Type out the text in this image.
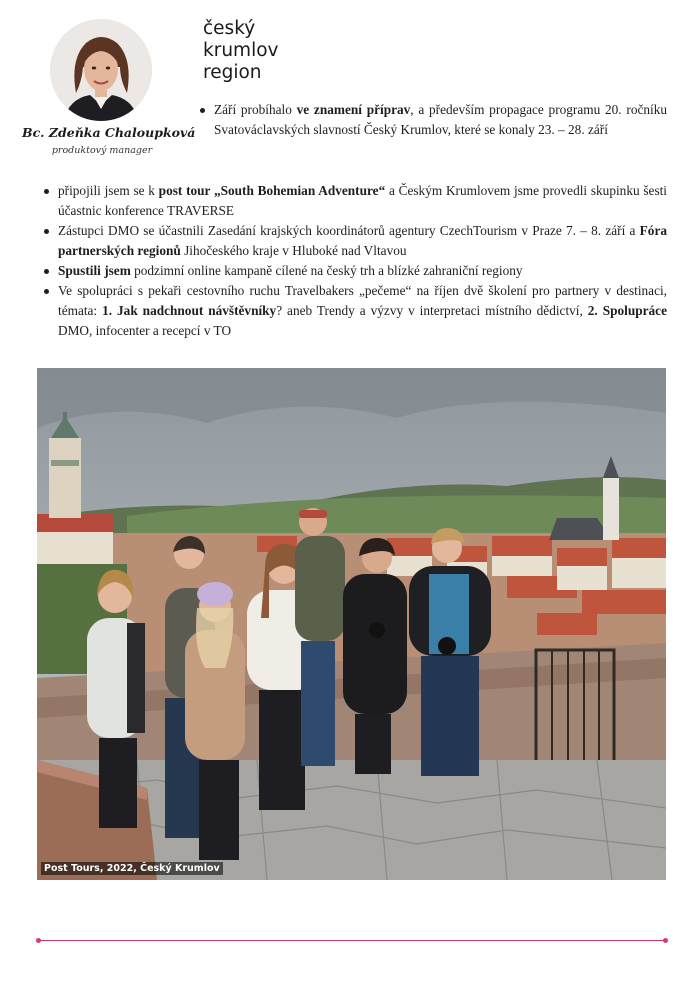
Bc. Zdeňka Chaloupková
produktový manager
český
krumlov
region
Září probíhalo ve znamení příprav, a především propagace programu 20. ročníku Svatováclavských slavností Český Krumlov, které se konaly 23. – 28. září
připojili jsem se k post tour „South Bohemian Adventure“ a Českým Krumlovem jsme provedli skupinku šesti účastnic konference TRAVERSE
Zástupci DMO se účastnili Zasedání krajských koordinátorů agentury CzechTourism v Praze 7. – 8. září a Fóra partnerských regionů Jihočeského kraje v Hluboké nad Vltavou
Spustili jsem podzimní online kampaně cílené na český trh a blízké zahraniční regiony
Ve spolupráci s pekaři cestovního ruchu Travelbakers „pečeme“ na říjen dvě školení pro partnery v destinaci, témata: 1. Jak nadchnout návštěvníky? aneb Trendy a výzvy v interpretaci místního dědictví, 2. Spolupráce DMO, infocenter a recepcí v TO
Post Tours, 2022, Český Krumlov
